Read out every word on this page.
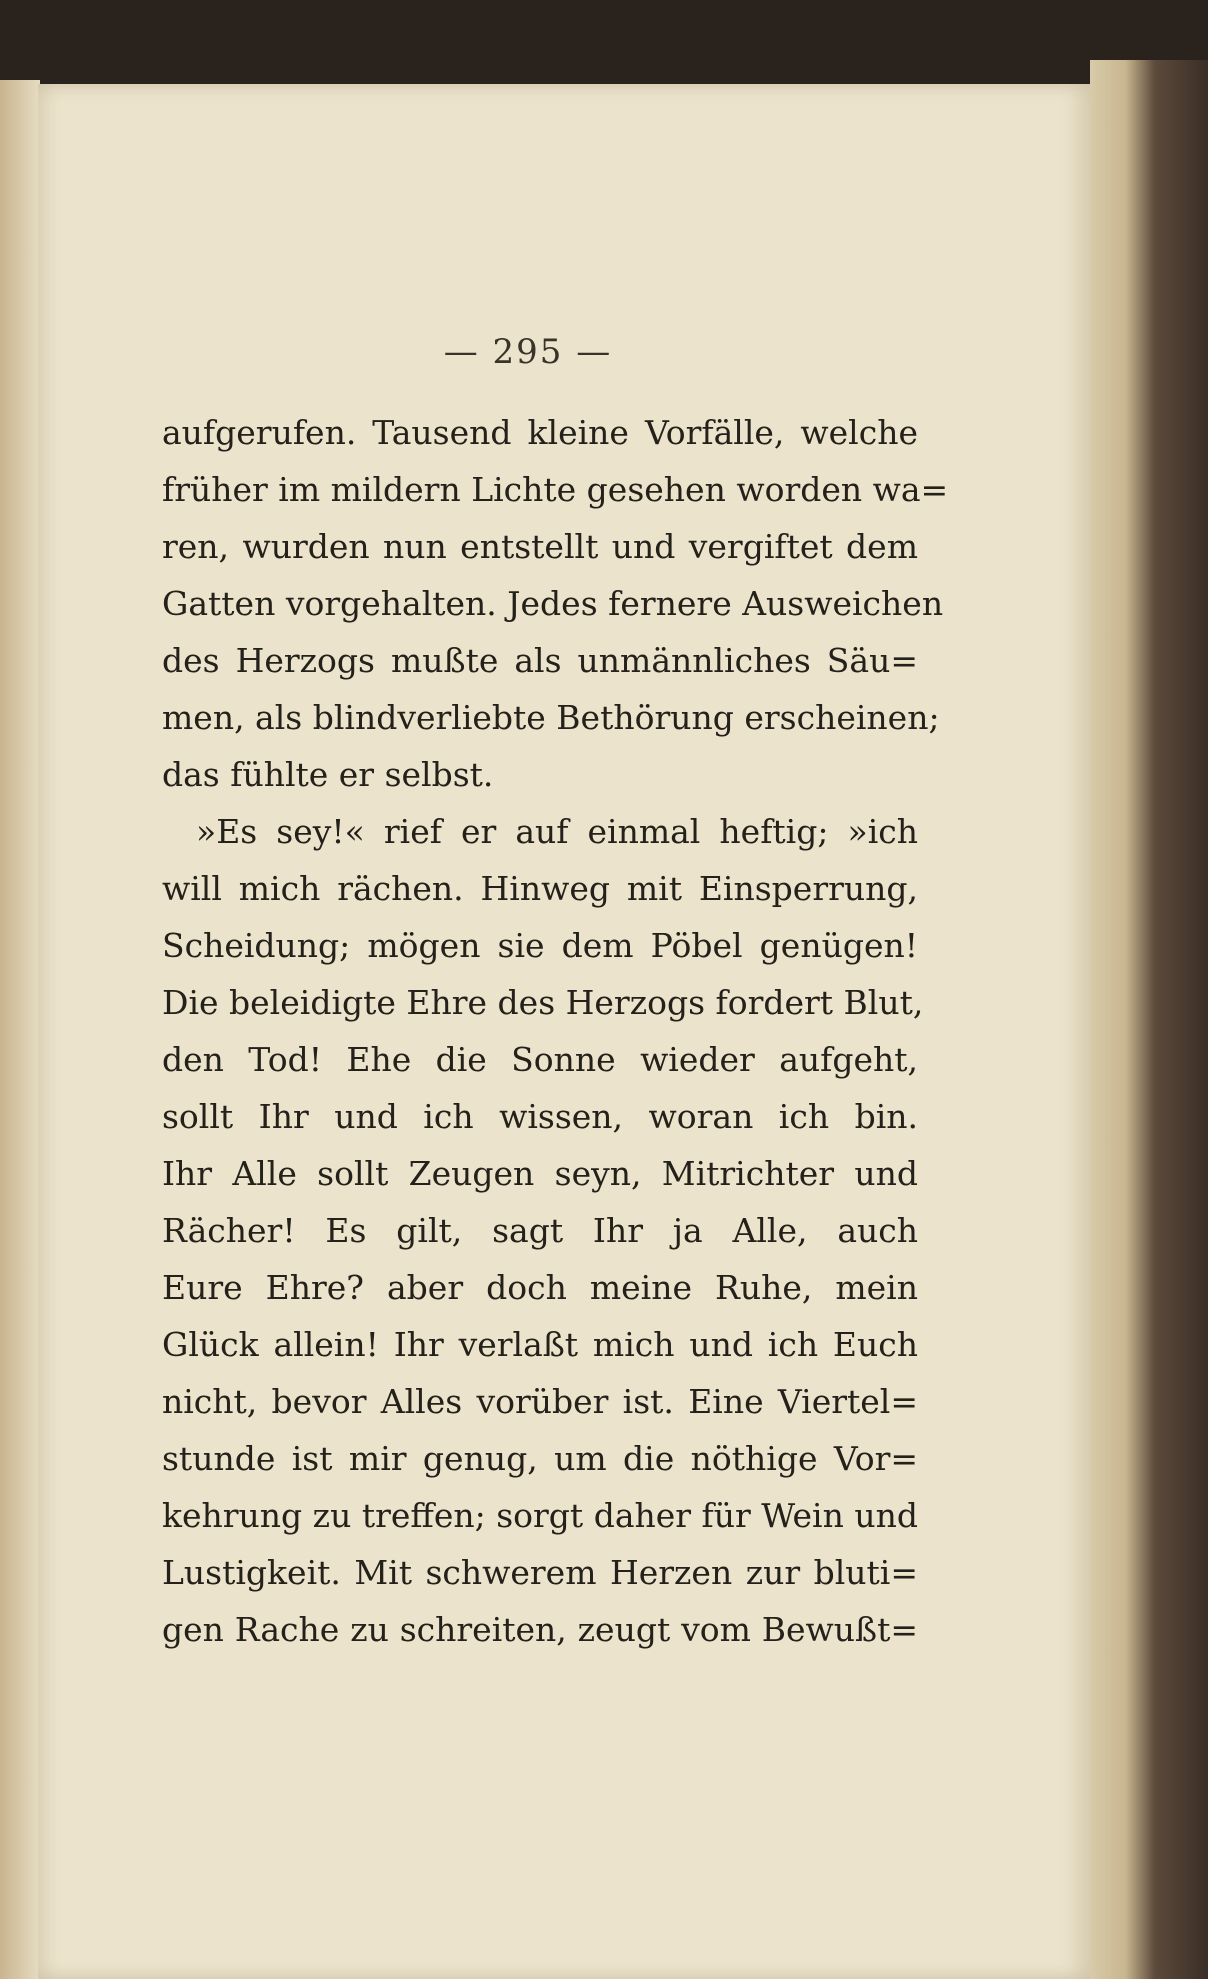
— 295 —
aufgerufen. Tausend kleine Vorfälle, welche
früher im mildern Lichte gesehen worden wa=
ren, wurden nun entstellt und vergiftet dem
Gatten vorgehalten. Jedes fernere Ausweichen
des Herzogs mußte als unmännliches Säu=
men, als blindverliebte Bethörung erscheinen;
das fühlte er selbst.
»Es sey!« rief er auf einmal heftig; »ich
will mich rächen. Hinweg mit Einsperrung,
Scheidung; mögen sie dem Pöbel genügen!
Die beleidigte Ehre des Herzogs fordert Blut,
den Tod! Ehe die Sonne wieder aufgeht,
sollt Ihr und ich wissen, woran ich bin.
Ihr Alle sollt Zeugen seyn, Mitrichter und
Rächer! Es gilt, sagt Ihr ja Alle, auch
Eure Ehre? aber doch meine Ruhe, mein
Glück allein! Ihr verlaßt mich und ich Euch
nicht, bevor Alles vorüber ist. Eine Viertel=
stunde ist mir genug, um die nöthige Vor=
kehrung zu treffen; sorgt daher für Wein und
Lustigkeit. Mit schwerem Herzen zur bluti=
gen Rache zu schreiten, zeugt vom Bewußt=
